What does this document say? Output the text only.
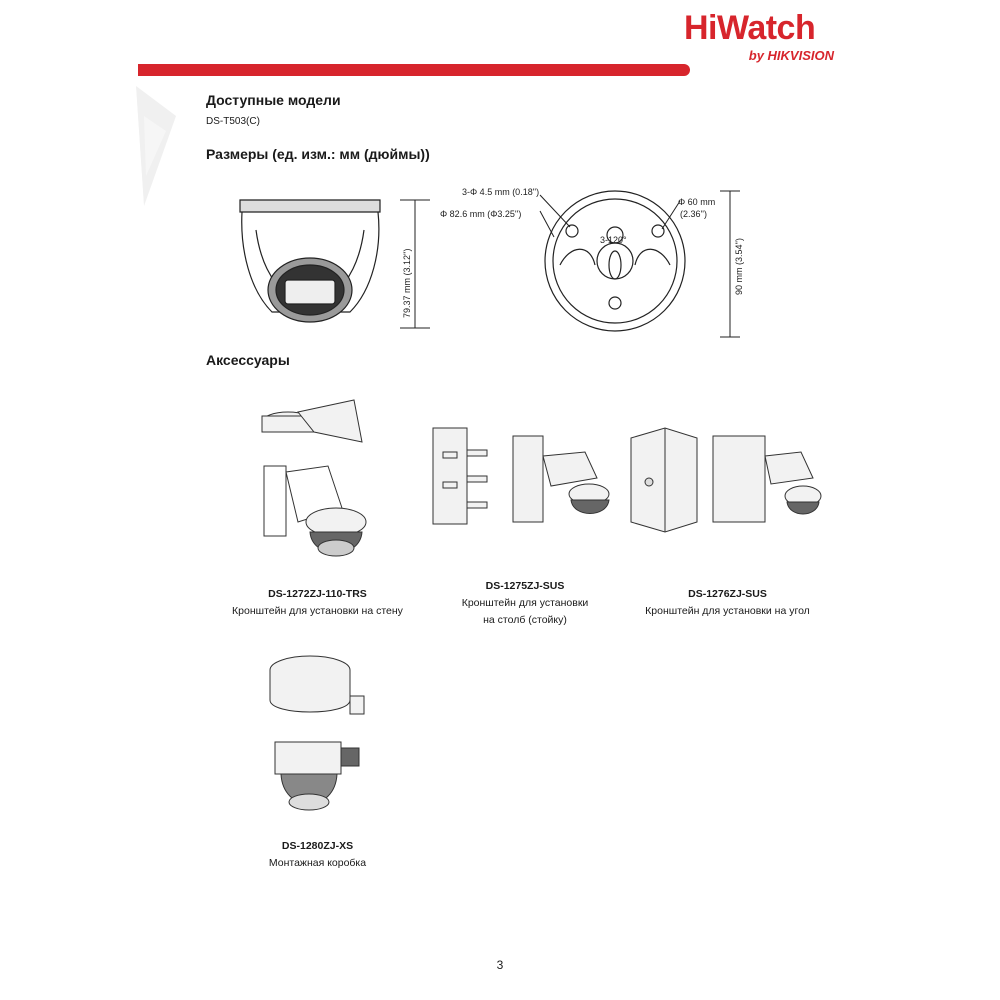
HiWatch
by HIKVISION
Доступные модели
DS-T503(C)
Размеры (ед. изм.: мм (дюймы))
Аксессуары
79.37 mm (3.12'')
3-Φ 4.5 mm (0.18'')
Φ 82.6 mm (Φ3.25'')
Φ 60 mm
(2.36'')
3-120°	90 mm (3.54'')
DS-1272ZJ-110-TRS
Кронштейн для установки на стену
DS-1275ZJ-SUS
Кронштейн для установки
на столб (стойку)
DS-1276ZJ-SUS
Кронштейн для установки на угол
DS-1280ZJ-XS
Монтажная коробка
3
